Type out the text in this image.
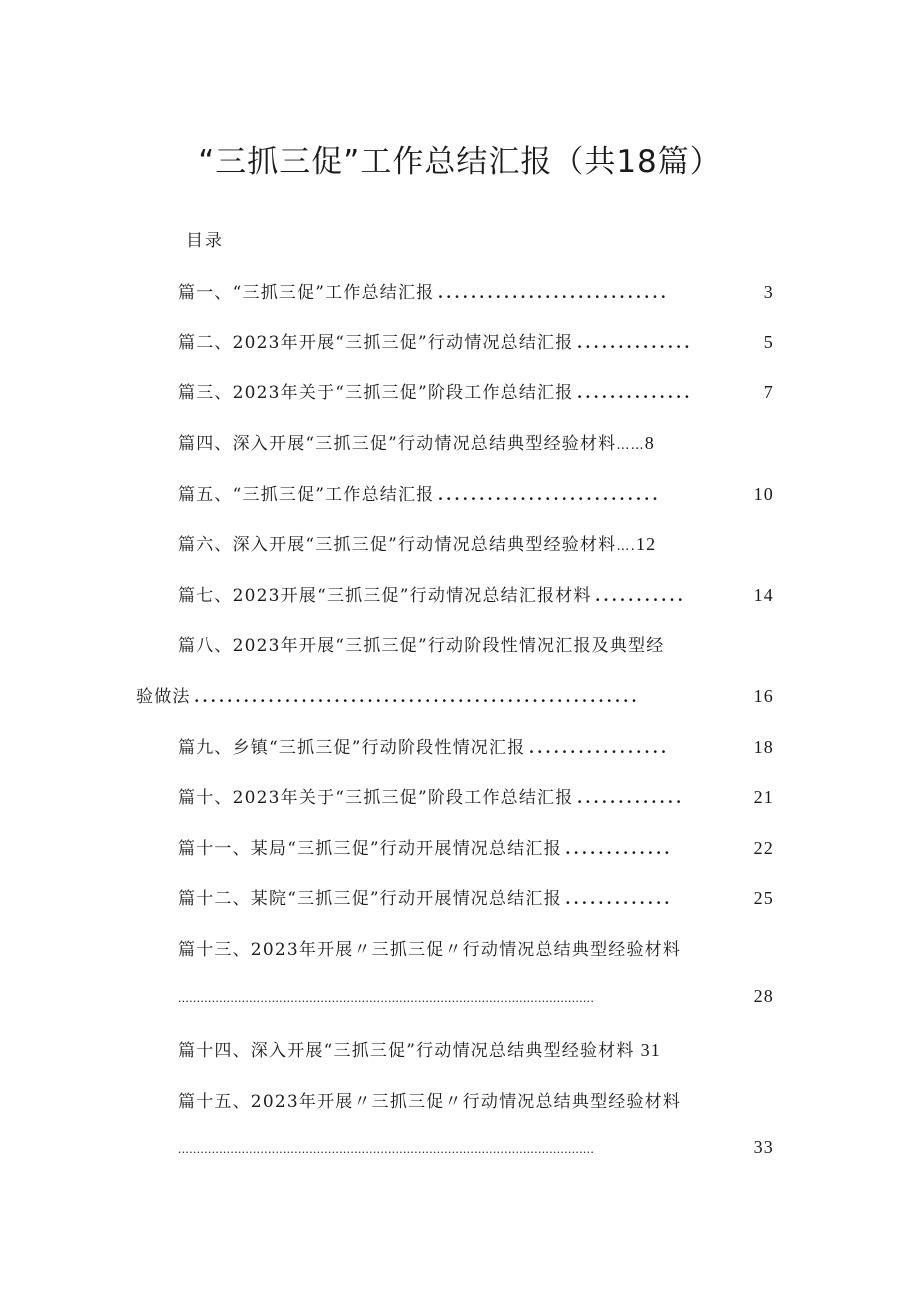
“三抓三促”工作总结汇报（共18篇）
目录
篇一、“三抓三促”工作总结汇报 ............................	3
篇二、2023年开展“三抓三促”行动情况总结汇报 ..............	5
篇三、2023年关于“三抓三促”阶段工作总结汇报 ..............	7
篇四、深入开展“三抓三促”行动情况总结典型经验材料 …… 8
篇五、“三抓三促”工作总结汇报 ...........................	10
篇六、深入开展“三抓三促”行动情况总结典型经验材料 …. 12
篇七、2023开展“三抓三促”行动情况总结汇报材料 ...........	14
篇八、2023年开展“三抓三促”行动阶段性情况汇报及典型经
验做法 ......................................................	16
篇九、乡镇“三抓三促”行动阶段性情况汇报 .................	18
篇十、2023年关于“三抓三促”阶段工作总结汇报 .............	21
篇十一、某局“三抓三促”行动开展情况总结汇报 .............	22
篇十二、某院“三抓三促”行动开展情况总结汇报 .............	25
篇十三、2023年开展〃三抓三促〃行动情况总结典型经验材料
...............................................................................................................	28
篇十四、深入开展“三抓三促”行动情况总结典型经验材料 31
篇十五、2023年开展〃三抓三促〃行动情况总结典型经验材料
...............................................................................................................	33
